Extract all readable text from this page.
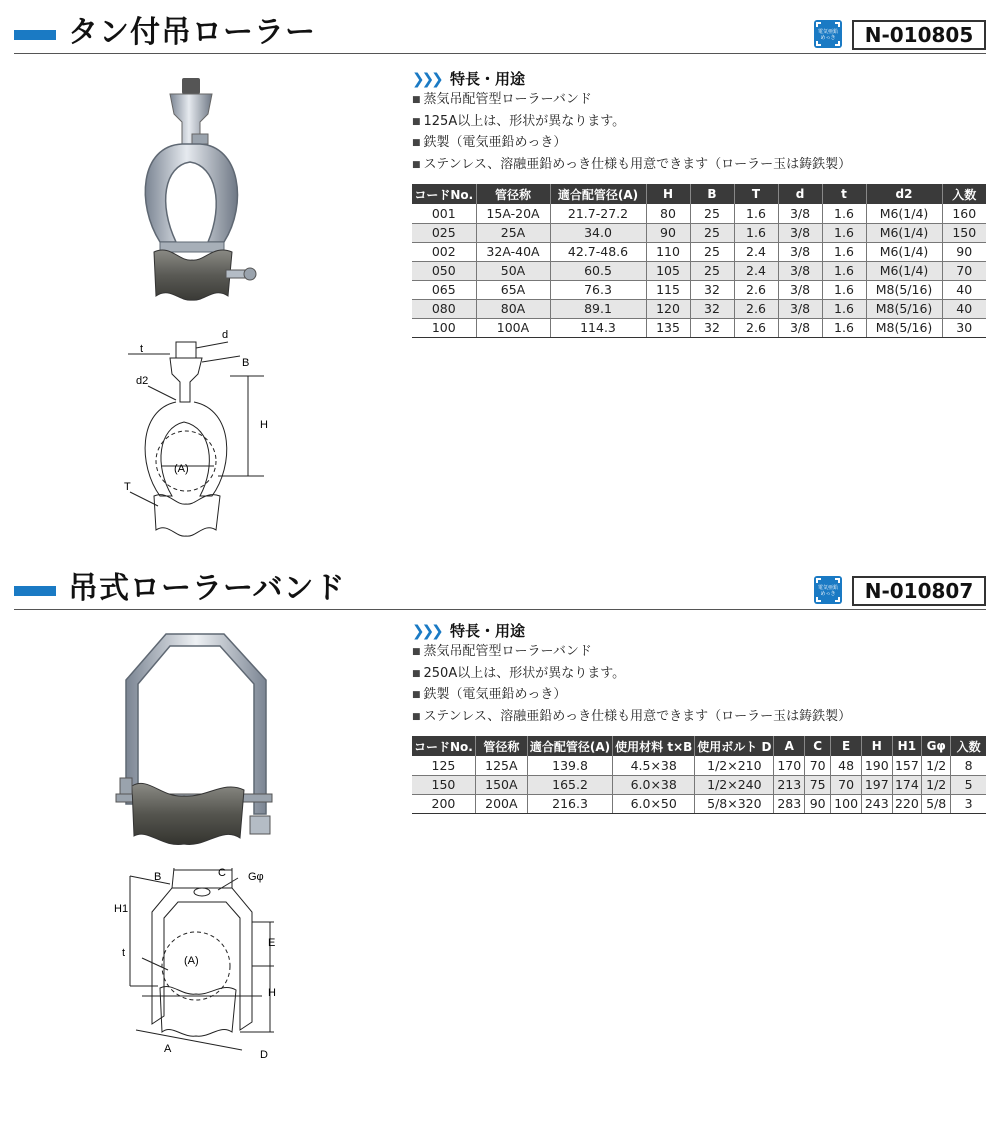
タン付吊ローラー	電気亜鉛めっき	N-010805
d
t
B
d2
H
(A)
T
❯❯❯ 特長・用途
■ 蒸気吊配管型ローラーバンド
■ 125A以上は、形状が異なります。
■ 鉄製（電気亜鉛めっき）
■ ステンレス、溶融亜鉛めっき仕様も用意できます（ローラー玉は鋳鉄製）
コードNo.	管径称	適合配管径(A)	H	B	T	d	t	d2	入数
001	15A-20A	21.7-27.2	80	25	1.6	3/8	1.6	M6(1/4)	160
025	25A	34.0	90	25	1.6	3/8	1.6	M6(1/4)	150
002	32A-40A	42.7-48.6	110	25	2.4	3/8	1.6	M6(1/4)	90
050	50A	60.5	105	25	2.4	3/8	1.6	M6(1/4)	70
065	65A	76.3	115	32	2.6	3/8	1.6	M8(5/16)	40
080	80A	89.1	120	32	2.6	3/8	1.6	M8(5/16)	40
100	100A	114.3	135	32	2.6	3/8	1.6	M8(5/16)	30
吊式ローラーバンド	電気亜鉛めっき	N-010807
C
B	Gφ
H1
E
t
(A)
H
A	D
❯❯❯ 特長・用途
■ 蒸気吊配管型ローラーバンド
■ 250A以上は、形状が異なります。
■ 鉄製（電気亜鉛めっき）
■ ステンレス、溶融亜鉛めっき仕様も用意できます（ローラー玉は鋳鉄製）
コードNo.	管径称	適合配管径(A)	使用材料 t×B	使用ボルト D	A	C	E	H	H1	Gφ	入数
125	125A	139.8	4.5×38	1/2×210	170	70	48	190	157	1/2	8
150	150A	165.2	6.0×38	1/2×240	213	75	70	197	174	1/2	5
200	200A	216.3	6.0×50	5/8×320	283	90	100	243	220	5/8	3
